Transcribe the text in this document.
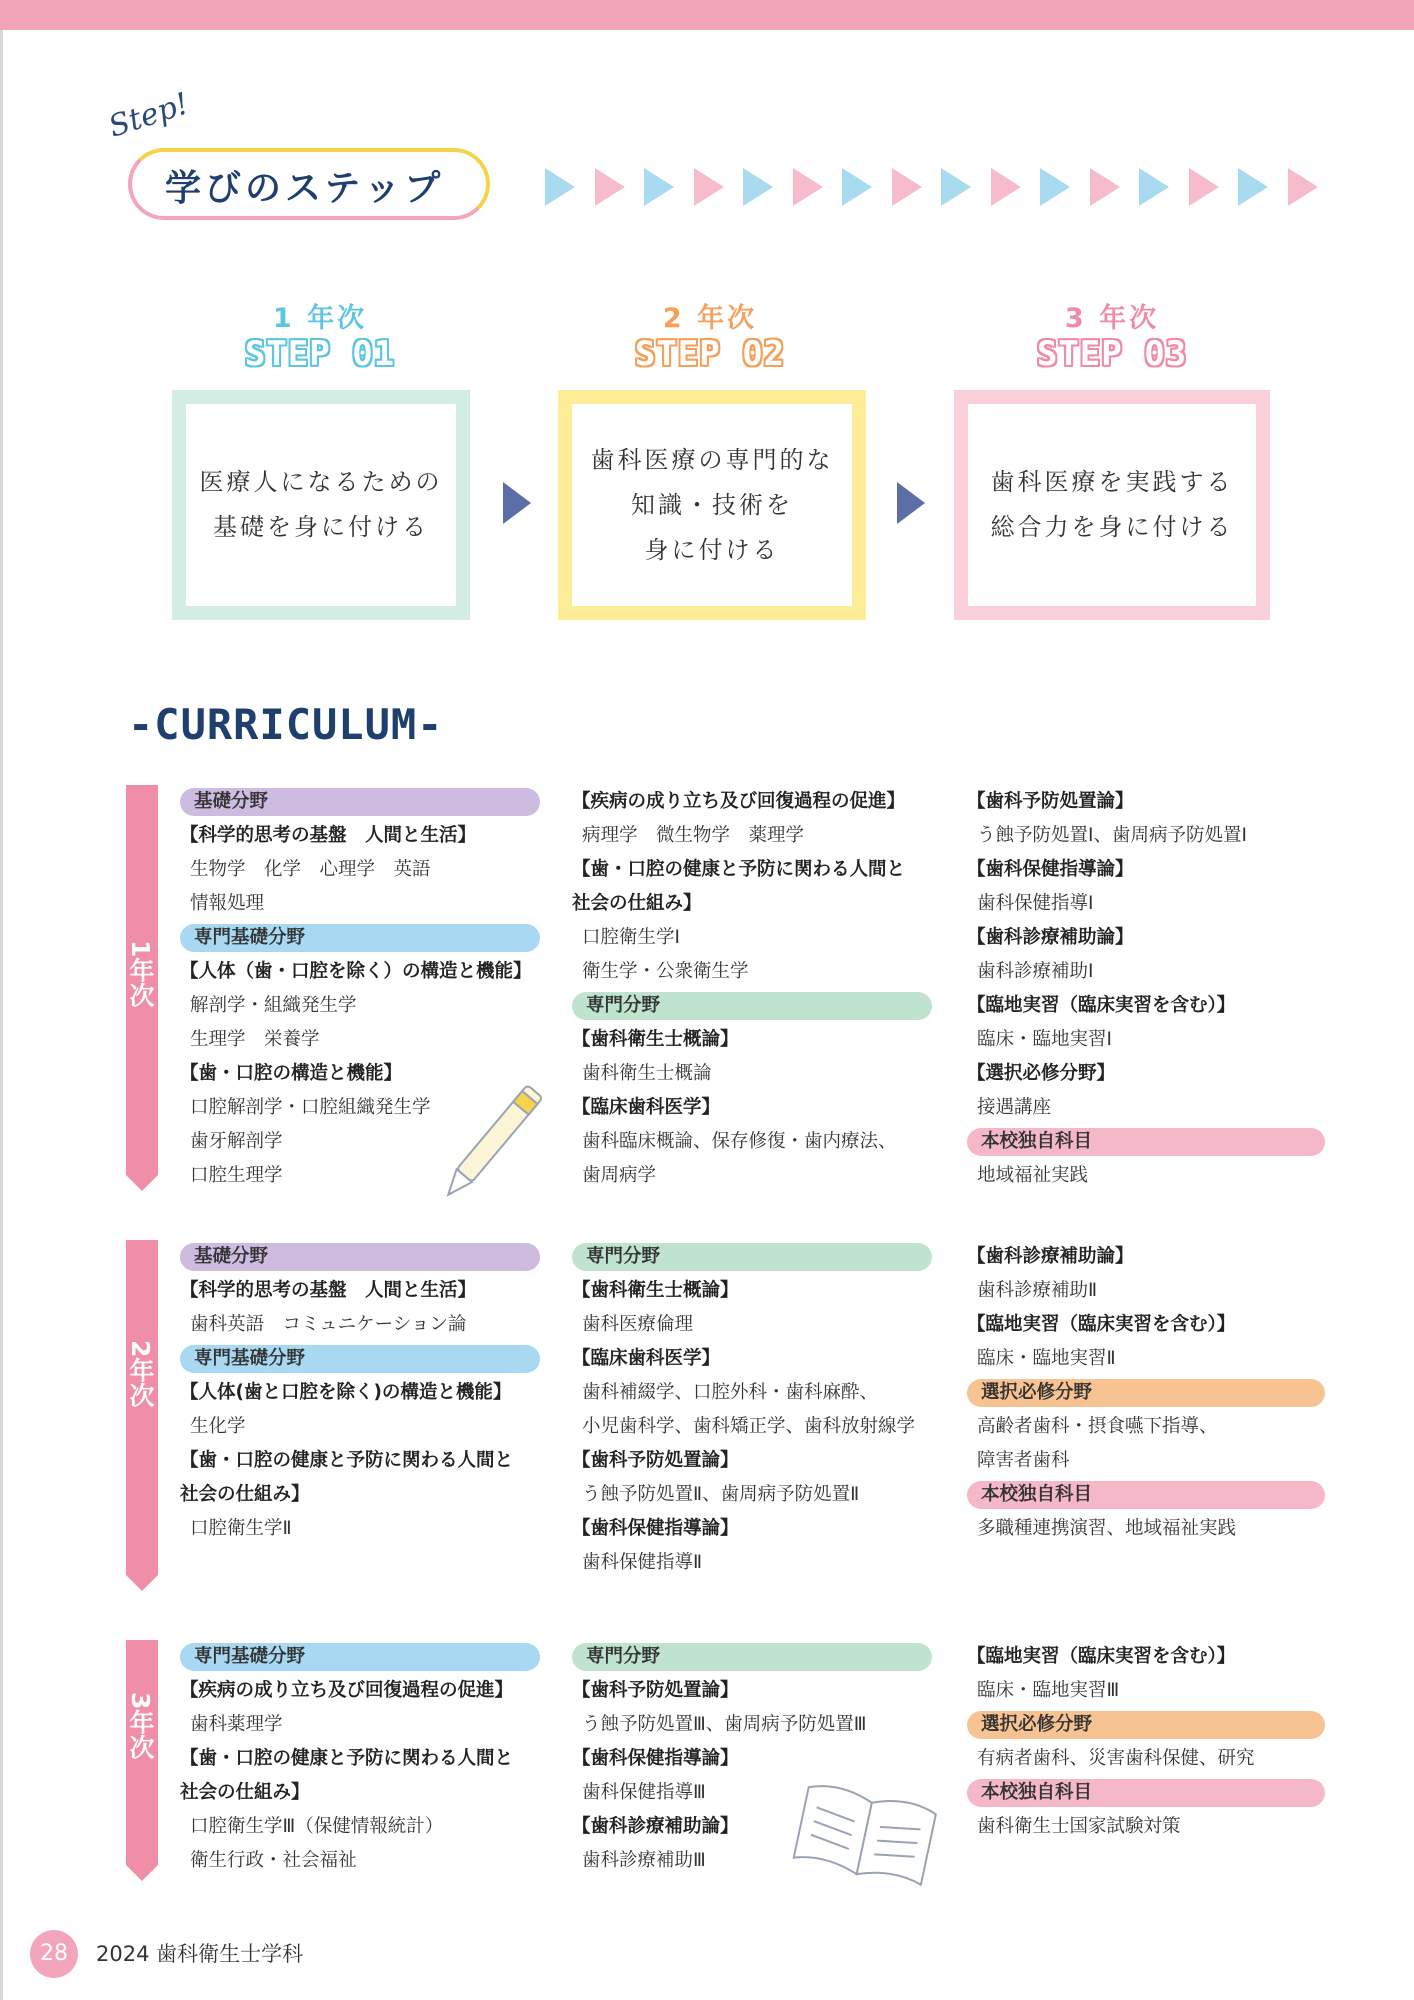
Step!
学びのステップ
1 年次
STEP 01
医療人になるための
基礎を身に付ける
2 年次
STEP 02
歯科医療の専門的な
知識・技術を
身に付ける
3 年次
STEP 03
歯科医療を実践する
総合力を身に付ける
-CURRICULUM-
1年次
基礎分野
【科学的思考の基盤　人間と生活】
生物学　化学　心理学　英語
情報処理
専門基礎分野
【人体（歯・口腔を除く）の構造と機能】
解剖学・組織発生学
生理学　栄養学
【歯・口腔の構造と機能】
口腔解剖学・口腔組織発生学
歯牙解剖学
口腔生理学
【疾病の成り立ち及び回復過程の促進】
病理学　微生物学　薬理学
【歯・口腔の健康と予防に関わる人間と
社会の仕組み】
口腔衛生学Ⅰ
衛生学・公衆衛生学
専門分野
【歯科衛生士概論】
歯科衛生士概論
【臨床歯科医学】
歯科臨床概論、保存修復・歯内療法、
歯周病学
【歯科予防処置論】
う蝕予防処置Ⅰ、歯周病予防処置Ⅰ
【歯科保健指導論】
歯科保健指導Ⅰ
【歯科診療補助論】
歯科診療補助Ⅰ
【臨地実習（臨床実習を含む）】
臨床・臨地実習Ⅰ
【選択必修分野】
接遇講座
本校独自科目
地域福祉実践
2年次
基礎分野
【科学的思考の基盤　人間と生活】
歯科英語　コミュニケーション論
専門基礎分野
【人体(歯と口腔を除く)の構造と機能】
生化学
【歯・口腔の健康と予防に関わる人間と
社会の仕組み】
口腔衛生学Ⅱ
専門分野
【歯科衛生士概論】
歯科医療倫理
【臨床歯科医学】
歯科補綴学、口腔外科・歯科麻酔、
小児歯科学、歯科矯正学、歯科放射線学
【歯科予防処置論】
う蝕予防処置Ⅱ、歯周病予防処置Ⅱ
【歯科保健指導論】
歯科保健指導Ⅱ
【歯科診療補助論】
歯科診療補助Ⅱ
【臨地実習（臨床実習を含む）】
臨床・臨地実習Ⅱ
選択必修分野
高齢者歯科・摂食嚥下指導、
障害者歯科
本校独自科目
多職種連携演習、地域福祉実践
3年次
専門基礎分野
【疾病の成り立ち及び回復過程の促進】
歯科薬理学
【歯・口腔の健康と予防に関わる人間と
社会の仕組み】
口腔衛生学Ⅲ（保健情報統計）
衛生行政・社会福祉
専門分野
【歯科予防処置論】
う蝕予防処置Ⅲ、歯周病予防処置Ⅲ
【歯科保健指導論】
歯科保健指導Ⅲ
【歯科診療補助論】
歯科診療補助Ⅲ
【臨地実習（臨床実習を含む）】
臨床・臨地実習Ⅲ
選択必修分野
有病者歯科、災害歯科保健、研究
本校独自科目
歯科衛生士国家試験対策
28	2024 歯科衛生士学科
